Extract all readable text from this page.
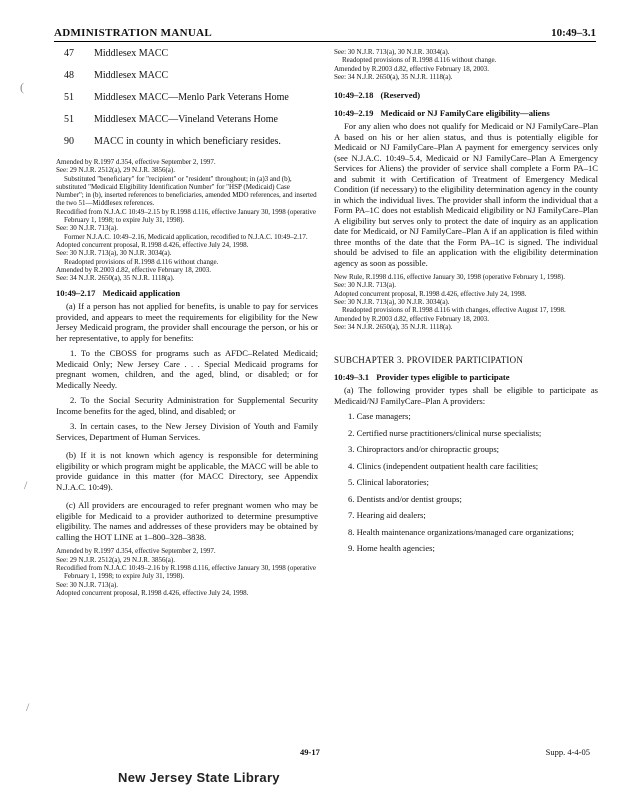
ADMINISTRATION MANUAL	10:49–3.1
(
/
/
47 Middlesex MACC
48 Middlesex MACC
51 Middlesex MACC—Menlo Park Veterans Home
51 Middlesex MACC—Vineland Veterans Home
90 MACC in county in which beneficiary resides.

Amended by R.1997 d.354, effective September 2, 1997.

See: 29 N.J.R. 2512(a), 29 N.J.R. 3856(a).

Substituted "beneficiary" for "recipient" or "resident" throughout; in (a)3 and (b), substituted "Medicaid Eligibility Identification Number" for "HSP (Medicaid) Case Number"; in (b), inserted references to beneficiaries, amended MDO references, and inserted the two 51—Middlesex references.

Recodified from N.J.A.C 10:49–2.15 by R.1998 d.116, effective January 30, 1998 (operative February 1, 1998; to expire July 31, 1998).

See: 30 N.J.R. 713(a).

Former N.J.A.C. 10:49–2.16, Medicaid application, recodified to N.J.A.C. 10:49–2.17.

Adopted concurrent proposal, R.1998 d.426, effective July 24, 1998.

See: 30 N.J.R. 713(a), 30 N.J.R. 3034(a).

Readopted provisions of R.1998 d.116 without change.

Amended by R.2003 d.82, effective February 18, 2003.

See: 34 N.J.R. 2650(a), 35 N.J.R. 1118(a).

10:49–2.17 Medicaid application

(a) If a person has not applied for benefits, is unable to pay for services provided, and appears to meet the requirements for eligibility for the New Jersey Medicaid program, the provider shall encourage the person, or his or her representative, to apply for benefits:

1. To the CBOSS for programs such as AFDC–Related Medicaid; Medicaid Only; New Jersey Care . . . Special Medicaid programs for pregnant women, children, and the aged, blind, or disabled; or for Medically Needy.

2. To the Social Security Administration for Supplemental Security Income benefits for the aged, blind, and disabled; or

3. In certain cases, to the New Jersey Division of Youth and Family Services, Department of Human Services.

(b) If it is not known which agency is responsible for determining eligibility or which program might be applicable, the MACC will be able to provide guidance in this matter (for MACC Directory, see Appendix N.J.A.C. 10:49).

(c) All providers are encouraged to refer pregnant women who may be eligible for Medicaid to a provider authorized to determine presumptive eligibility. The names and addresses of these providers may be obtained by calling the HOT LINE at 1–800–328–3838.

Amended by R.1997 d.354, effective September 2, 1997.

See: 29 N.J.R. 2512(a), 29 N.J.R. 3856(a).

Recodified from N.J.A.C 10:49–2.16 by R.1998 d.116, effective January 30, 1998 (operative February 1, 1998; to expire July 31, 1998).

See: 30 N.J.R. 713(a).

Adopted concurrent proposal, R.1998 d.426, effective July 24, 1998.

See: 30 N.J.R. 713(a), 30 N.J.R. 3034(a).

Readopted provisions of R.1998 d.116 without change.

Amended by R.2003 d.82, effective February 18, 2003.

See: 34 N.J.R. 2650(a), 35 N.J.R. 1118(a).

10:49–2.18 (Reserved)
10:49–2.19 Medicaid or NJ FamilyCare eligibility—aliens

For any alien who does not qualify for Medicaid or NJ FamilyCare–Plan A based on his or her alien status, and thus is potentially eligible for Medicaid or NJ FamilyCare–Plan A payment for emergency services only (see N.J.A.C. 10:49–5.4, Medicaid or NJ FamilyCare–Plan A Emergency Services for Aliens) the provider of service shall complete a Form PA–1C and submit it with Certification of Treatment of Emergency Medical Condition (if necessary) to the eligibility determination agency in the county in which the individual lives. The provider shall inform the individual that a Form PA–1C does not establish Medicaid eligibility or NJ FamilyCare–Plan A eligibility but serves only to protect the date of inquiry as an application date for Medicaid, or NJ FamilyCare–Plan A if an application is filed within three months of the date that the Form PA–1C is signed. The individual should be advised to file an application with the eligibility determination agency as soon as possible.

New Rule, R.1998 d.116, effective January 30, 1998 (operative February 1, 1998).

See: 30 N.J.R. 713(a).

Adopted concurrent proposal, R.1998 d.426, effective July 24, 1998.

See: 30 N.J.R. 713(a), 30 N.J.R. 3034(a).

Readopted provisions of R.1998 d.116 with changes, effective August 17, 1998.

Amended by R.2003 d.82, effective February 18, 2003.

See: 34 N.J.R. 2650(a), 35 N.J.R. 1118(a).

SUBCHAPTER 3. PROVIDER PARTICIPATION
10:49–3.1 Provider types eligible to participate

(a) The following provider types shall be eligible to participate as Medicaid/NJ FamilyCare–Plan A providers:

1. Case managers;

2. Certified nurse practitioners/clinical nurse specialists;

3. Chiropractors and/or chiropractic groups;

4. Clinics (independent outpatient health care facilities;

5. Clinical laboratories;

6. Dentists and/or dentist groups;

7. Hearing aid dealers;

8. Health maintenance organizations/managed care organizations;

9. Home health agencies;

49-17	Supp. 4-4-05
New Jersey State Library
